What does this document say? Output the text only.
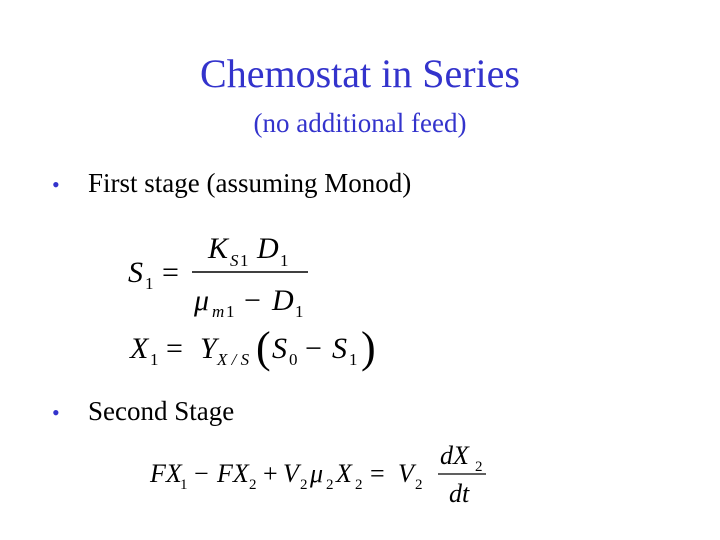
Chemostat in Series
(no additional feed)
• First stage (assuming Monod)
S 1 =
K S 1 D 1
μ m 1 − D 1
X 1 = Y X / S ( S 0 − S 1 )
• Second Stage
FX
1 − FX 2 + V 2 μ 2 X 2 = V 2
dX 2
dt
